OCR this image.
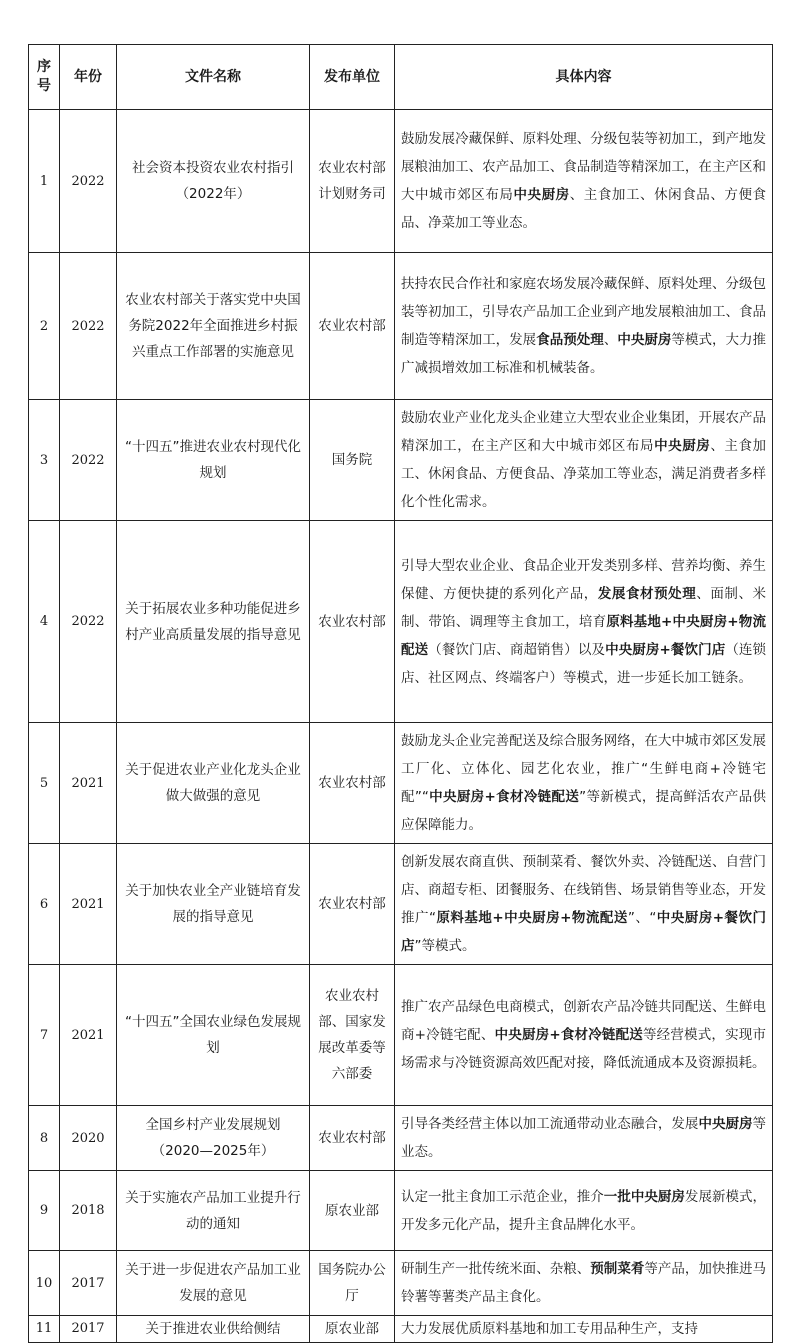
序号	年份	文件名称	发布单位	具体内容
1	2022	社会资本投资农业农村指引（2022年）	农业农村部计划财务司	鼓励发展冷藏保鲜、原料处理、分级包装等初加工，到产地发展粮油加工、农产品加工、食品制造等精深加工，在主产区和大中城市郊区布局中央厨房、主食加工、休闲食品、方便食品、净菜加工等业态。
2	2022	农业农村部关于落实党中央国务院2022年全面推进乡村振兴重点工作部署的实施意见	农业农村部	扶持农民合作社和家庭农场发展冷藏保鲜、原料处理、分级包装等初加工，引导农产品加工企业到产地发展粮油加工、食品制造等精深加工，发展食品预处理、中央厨房等模式，大力推广减损增效加工标准和机械装备。
3	2022	“十四五”推进农业农村现代化规划	国务院	鼓励农业产业化龙头企业建立大型农业企业集团，开展农产品精深加工，在主产区和大中城市郊区布局中央厨房、主食加工、休闲食品、方便食品、净菜加工等业态，满足消费者多样化个性化需求。
4	2022	关于拓展农业多种功能促进乡村产业高质量发展的指导意见	农业农村部	引导大型农业企业、食品企业开发类别多样、营养均衡、养生保健、方便快捷的系列化产品，发展食材预处理、面制、米制、带馅、调理等主食加工，培育原料基地+中央厨房+物流配送（餐饮门店、商超销售）以及中央厨房+餐饮门店（连锁店、社区网点、终端客户）等模式，进一步延长加工链条。
5	2021	关于促进农业产业化龙头企业做大做强的意见	农业农村部	鼓励龙头企业完善配送及综合服务网络，在大中城市郊区发展工厂化、立体化、园艺化农业，推广“生鲜电商+冷链宅配”“中央厨房+食材冷链配送”等新模式，提高鲜活农产品供应保障能力。
6	2021	关于加快农业全产业链培育发展的指导意见	农业农村部	创新发展农商直供、预制菜肴、餐饮外卖、冷链配送、自营门店、商超专柜、团餐服务、在线销售、场景销售等业态，开发推广“原料基地+中央厨房+物流配送”、“中央厨房+餐饮门店”等模式。
7	2021	“十四五”全国农业绿色发展规划	农业农村部、国家发展改革委等六部委	推广农产品绿色电商模式，创新农产品冷链共同配送、生鲜电商+冷链宅配、中央厨房+食材冷链配送等经营模式，实现市场需求与冷链资源高效匹配对接，降低流通成本及资源损耗。
8	2020	全国乡村产业发展规划（2020—2025年）	农业农村部	引导各类经营主体以加工流通带动业态融合，发展中央厨房等业态。
9	2018	关于实施农产品加工业提升行动的通知	原农业部	认定一批主食加工示范企业，推介一批中央厨房发展新模式，开发多元化产品，提升主食品牌化水平。
10	2017	关于进一步促进农产品加工业发展的意见	国务院办公厅	研制生产一批传统米面、杂粮、预制菜肴等产品，加快推进马铃薯等薯类产品主食化。
11	2017	关于推进农业供给侧结	原农业部	大力发展优质原料基地和加工专用品种生产，支持
